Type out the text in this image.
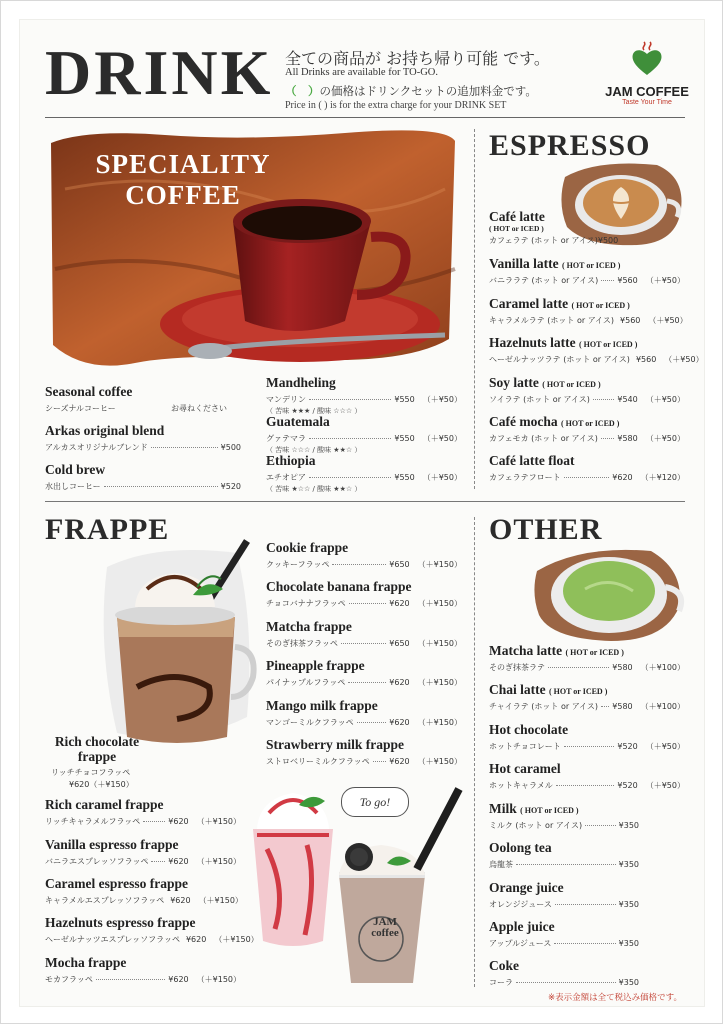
DRINK 全ての商品が お持ち帰り可能 です。
All Drinks are available for TO-GO.
（　）の価格はドリンクセットの追加料金です。
Price in ( ) is for the extra charge for your DRINK SET
JAM COFFEE
Taste Your Time
SPECIALITY
COFFEE
Seasonal coffee
シーズナルコーヒー	お尋ねください
Arkas original blend
アルカスオリジナルブレンド	¥500
Cold brew
水出しコーヒー	¥520
Mandheling
マンデリン	¥550 （＋¥50）
（ 苦味 ★★★ / 酸味 ☆☆☆ ）
Guatemala
グァテマラ	¥550 （＋¥50）
（ 苦味 ☆☆☆ / 酸味 ★★☆ ）
Ethiopia
エチオピア	¥550 （＋¥50）
（ 苦味 ★☆☆ / 酸味 ★★☆ ）
ESPRESSO
Café latte
( HOT or ICED )
カフェラテ (ホット or アイス) ¥500
Vanilla latte ( HOT or ICED )
バニララテ (ホット or アイス) ¥560 （＋¥50）
Caramel latte ( HOT or ICED )
キャラメルラテ (ホット or アイス) ¥560 （＋¥50）
Hazelnuts latte ( HOT or ICED )
ヘーゼルナッツラテ (ホット or アイス) ¥560 （＋¥50）
Soy latte ( HOT or ICED )
ソイラテ (ホット or アイス)	¥540 （＋¥50）
Café mocha ( HOT or ICED )
カフェモカ (ホット or アイス) ¥580 （＋¥50）
Café latte float
カフェラテフロート	¥620 （＋¥120）
FRAPPE
Rich chocolate frappe
リッチチョコフラッペ
¥620（＋¥150）
Rich caramel frappe
リッチキャラメルフラッペ	¥620 （＋¥150）
Vanilla espresso frappe
バニラエスプレッソフラッペ ¥620 （＋¥150）
Caramel espresso frappe
キャラメルエスプレッソフラッペ ¥620 （＋¥150）
Hazelnuts espresso frappe
ヘーゼルナッツエスプレッソフラッペ ¥620 （＋¥150）
Mocha frappe
モカフラッペ	¥620 （＋¥150）
Cookie frappe
クッキーフラッペ	¥650 （＋¥150）
Chocolate banana frappe
チョコバナナフラッペ	¥620 （＋¥150）
Matcha frappe
そのぎ抹茶フラッペ	¥650 （＋¥150）
Pineapple frappe
パイナップルフラッペ	¥620 （＋¥150）
Mango milk frappe
マンゴーミルクフラッペ	¥620 （＋¥150）
Strawberry milk frappe
ストロベリーミルクフラッペ ¥620 （＋¥150）
JAM coffee
To go!
OTHER
Matcha latte ( HOT or ICED )
そのぎ抹茶ラテ	¥580 （＋¥100）
Chai latte ( HOT or ICED )
チャイラテ (ホット or アイス) ¥580 （＋¥100）
Hot chocolate
ホットチョコレート	¥520 （＋¥50）
Hot caramel
ホットキャラメル	¥520 （＋¥50）
Milk ( HOT or ICED )
ミルク (ホット or アイス)	¥350
Oolong tea
烏龍茶	¥350
Orange juice
オレンジジュース	¥350
Apple juice
アップルジュース	¥350
Coke
コーラ	¥350
※表示金額は全て税込み価格です。
